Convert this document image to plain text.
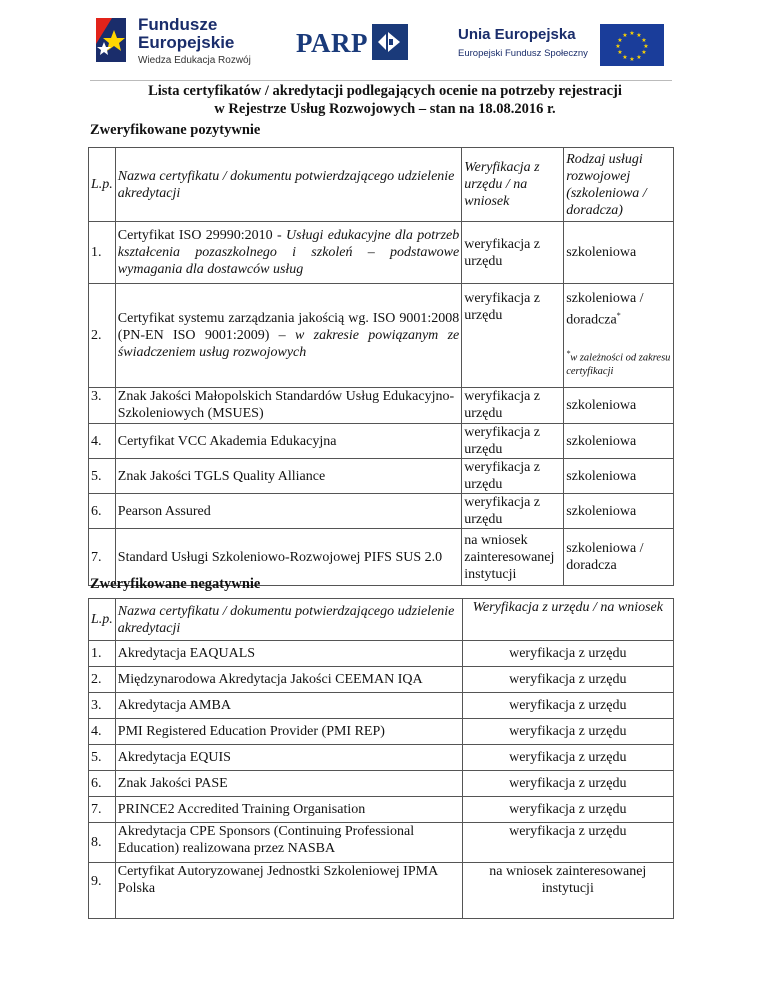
Fundusze
Europejskie
Wiedza Edukacja Rozwój
PARP	Unia Europejska
Europejski Fundusz Społeczny
★ ★
★
★
★
★
★
★
★
★
★
★
Lista certyfikatów / akredytacji podlegających ocenie na potrzeby rejestracji
w Rejestrze Usług Rozwojowych – stan na 18.08.2016 r.
Zweryfikowane pozytywnie
L.p.	Nazwa certyfikatu / dokumentu potwierdzającego udzielenie akredytacji	Weryfikacja z urzędu / na wniosek	Rodzaj usługi rozwojowej (szkoleniowa / doradcza)
1.	Certyfikat ISO 29990:2010 - Usługi edukacyjne dla potrzeb kształcenia pozaszkolnego i szkoleń – podstawowe wymagania dla dostawców usług	weryfikacja z urzędu	szkoleniowa
2.	Certyfikat systemu zarządzania jakością wg. ISO 9001:2008 (PN-EN ISO 9001:2009) – w zakresie powiązanym ze świadczeniem usług rozwojowych	weryfikacja z urzędu	szkoleniowa / doradcza*
*w zależności od zakresu certyfikacji

3.	Znak Jakości Małopolskich Standardów Usług Edukacyjno-Szkoleniowych (MSUES)	weryfikacja z urzędu	szkoleniowa
4.	Certyfikat VCC Akademia Edukacyjna	weryfikacja z urzędu	szkoleniowa
5.	Znak Jakości TGLS Quality Alliance	weryfikacja z urzędu	szkoleniowa
6.	Pearson Assured	weryfikacja z urzędu	szkoleniowa
7.	Standard Usługi Szkoleniowo-Rozwojowej PIFS SUS 2.0	na wniosek zainteresowanej instytucji	szkoleniowa / doradcza
Zweryfikowane negatywnie
L.p.	Nazwa certyfikatu / dokumentu potwierdzającego udzielenie akredytacji	Weryfikacja z urzędu / na wniosek
1.	Akredytacja EAQUALS	weryfikacja z urzędu
2.	Międzynarodowa Akredytacja Jakości CEEMAN IQA	weryfikacja z urzędu
3.	Akredytacja AMBA	weryfikacja z urzędu
4.	PMI Registered Education Provider (PMI REP)	weryfikacja z urzędu
5.	Akredytacja EQUIS	weryfikacja z urzędu
6.	Znak Jakości PASE	weryfikacja z urzędu
7.	PRINCE2 Accredited Training Organisation	weryfikacja z urzędu
8.	Akredytacja CPE Sponsors (Continuing Professional Education) realizowana przez NASBA	weryfikacja z urzędu
9.	Certyfikat Autoryzowanej Jednostki Szkoleniowej IPMA Polska	na wniosek zainteresowanej instytucji
